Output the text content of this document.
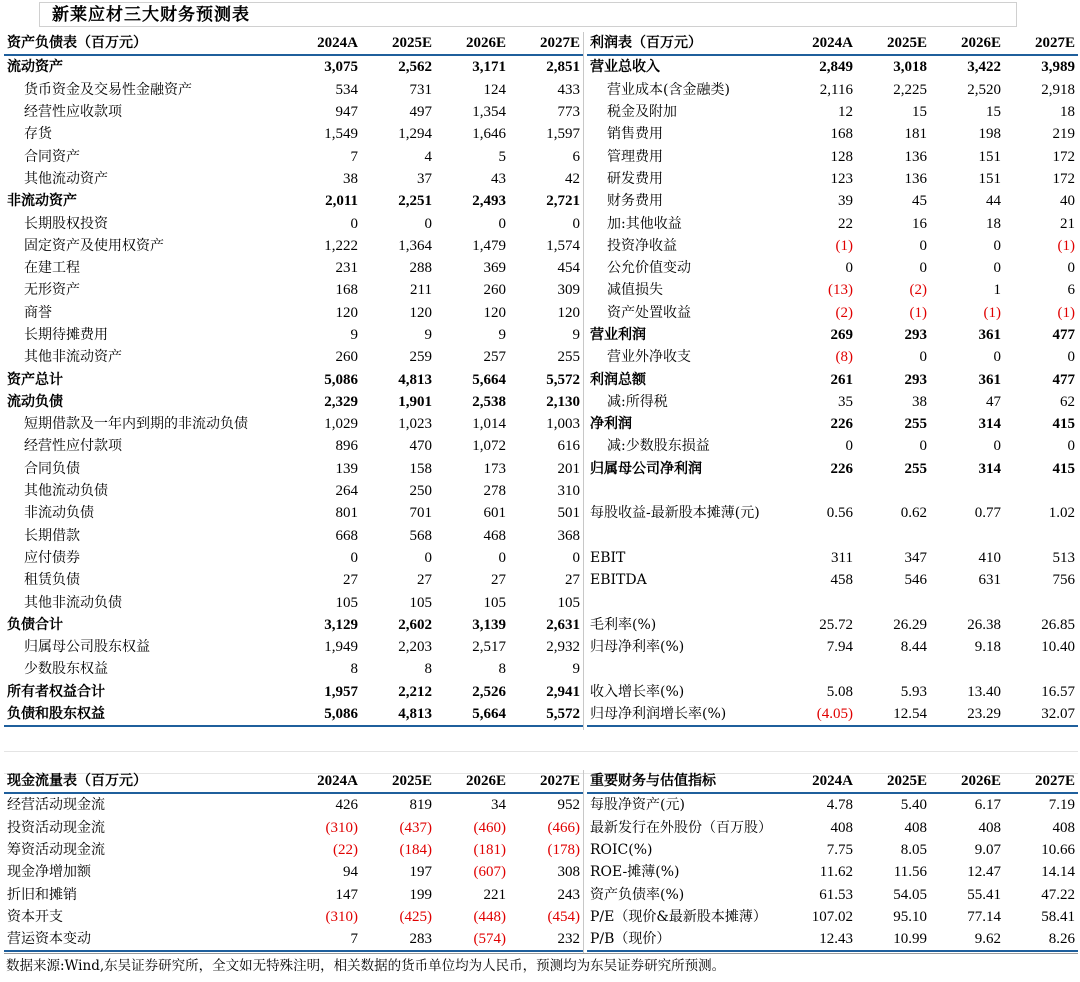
新莱应材三大财务预测表
资产负债表（百万元）	2024A	2025E	2026E	2027E
流动资产	3,075	2,562	3,171	2,851
货币资金及交易性金融资产	534	731	124	433
经营性应收款项	947	497	1,354	773
存货	1,549	1,294	1,646	1,597
合同资产	7	4	5	6
其他流动资产	38	37	43	42
非流动资产	2,011	2,251	2,493	2,721
长期股权投资	0	0	0	0
固定资产及使用权资产	1,222	1,364	1,479	1,574
在建工程	231	288	369	454
无形资产	168	211	260	309
商誉	120	120	120	120
长期待摊费用	9	9	9	9
其他非流动资产	260	259	257	255
资产总计	5,086	4,813	5,664	5,572
流动负债	2,329	1,901	2,538	2,130
短期借款及一年内到期的非流动负债	1,029	1,023	1,014	1,003
经营性应付款项	896	470	1,072	616
合同负债	139	158	173	201
其他流动负债	264	250	278	310
非流动负债	801	701	601	501
长期借款	668	568	468	368
应付债券	0	0	0	0
租赁负债	27	27	27	27
其他非流动负债	105	105	105	105
负债合计	3,129	2,602	3,139	2,631
归属母公司股东权益	1,949	2,203	2,517	2,932
少数股东权益	8	8	8	9
所有者权益合计	1,957	2,212	2,526	2,941
负债和股东权益	5,086	4,813	5,664	5,572
利润表（百万元）	2024A	2025E	2026E	2027E
营业总收入	2,849	3,018	3,422	3,989
营业成本(含金融类)	2,116	2,225	2,520	2,918
税金及附加	12	15	15	18
销售费用	168	181	198	219
管理费用	128	136	151	172
研发费用	123	136	151	172
财务费用	39	45	44	40
加:其他收益	22	16	18	21
投资净收益	(1)	0	0	(1)
公允价值变动	0	0	0	0
减值损失	(13)	(2)	1	6
资产处置收益	(2)	(1)	(1)	(1)
营业利润	269	293	361	477
营业外净收支	(8)	0	0	0
利润总额	261	293	361	477
减:所得税	35	38	47	62
净利润	226	255	314	415
减:少数股东损益	0	0	0	0
归属母公司净利润	226	255	314	415

每股收益-最新股本摊薄(元)	0.56	0.62	0.77	1.02

EBIT	311	347	410	513
EBITDA	458	546	631	756

毛利率(%)	25.72	26.29	26.38	26.85
归母净利率(%)	7.94	8.44	9.18	10.40

收入增长率(%)	5.08	5.93	13.40	16.57
归母净利润增长率(%)	(4.05)	12.54	23.29	32.07
现金流量表（百万元）	2024A	2025E	2026E	2027E
经营活动现金流	426	819	34	952
投资活动现金流	(310)	(437)	(460)	(466)
筹资活动现金流	(22)	(184)	(181)	(178)
现金净增加额	94	197	(607)	308
折旧和摊销	147	199	221	243
资本开支	(310)	(425)	(448)	(454)
营运资本变动	7	283	(574)	232
重要财务与估值指标	2024A	2025E	2026E	2027E
每股净资产(元)	4.78	5.40	6.17	7.19
最新发行在外股份（百万股）	408	408	408	408
ROIC(%)	7.75	8.05	9.07	10.66
ROE-摊薄(%)	11.62	11.56	12.47	14.14
资产负债率(%)	61.53	54.05	55.41	47.22
P/E（现价&最新股本摊薄）	107.02	95.10	77.14	58.41
P/B（现价）	12.43	10.99	9.62	8.26
数据来源:Wind,东吴证券研究所，全文如无特殊注明，相关数据的货币单位均为人民币，预测均为东吴证券研究所预测。
